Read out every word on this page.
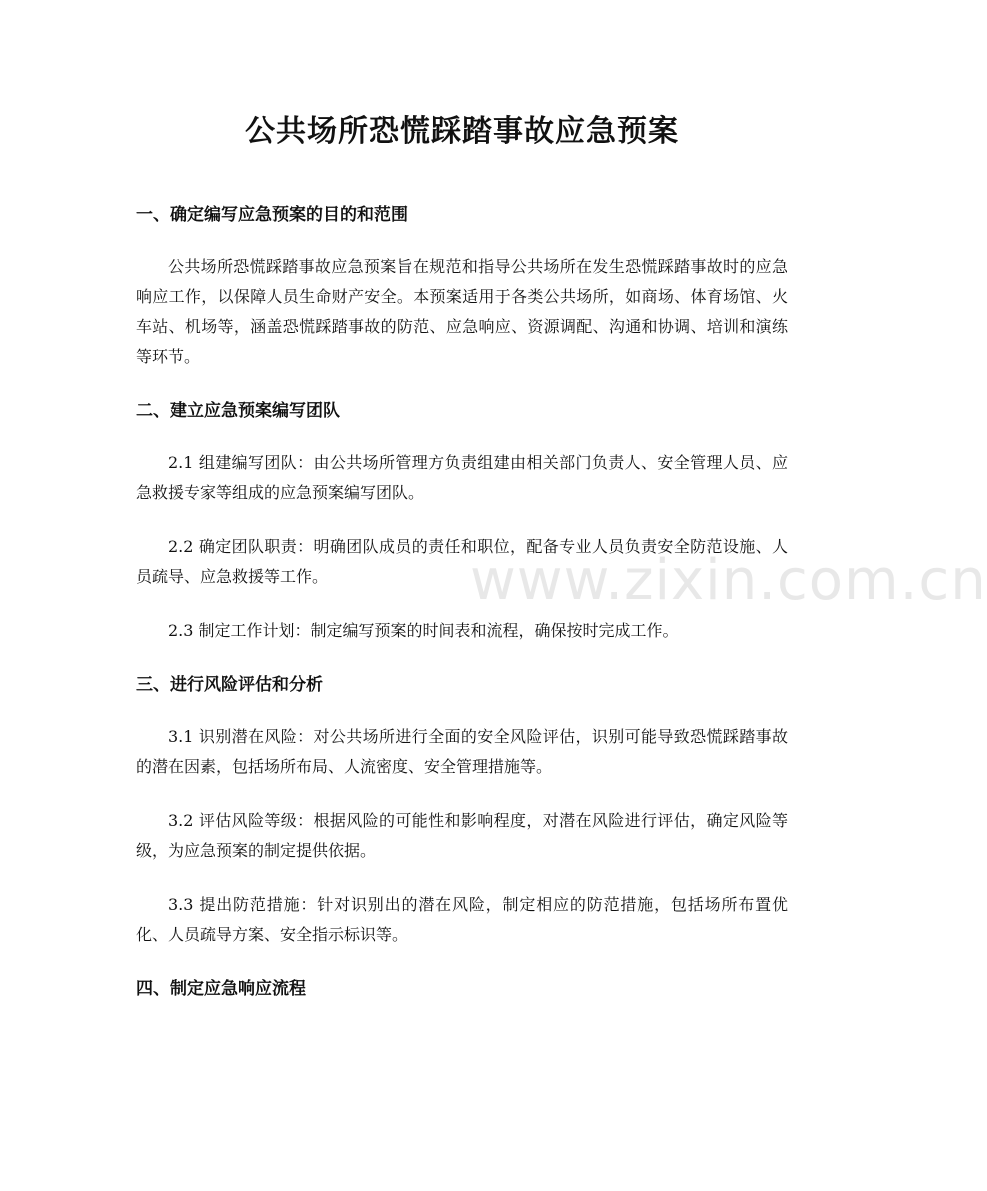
公共场所恐慌踩踏事故应急预案
一、确定编写应急预案的目的和范围

公共场所恐慌踩踏事故应急预案旨在规范和指导公共场所在发生恐慌踩踏事故时的应急响应工作，以保障人员生命财产安全。本预案适用于各类公共场所，如商场、体育场馆、火车站、机场等，涵盖恐慌踩踏事故的防范、应急响应、资源调配、沟通和协调、培训和演练等环节。

二、建立应急预案编写团队

2.1 组建编写团队：由公共场所管理方负责组建由相关部门负责人、安全管理人员、应急救援专家等组成的应急预案编写团队。

2.2 确定团队职责：明确团队成员的责任和职位，配备专业人员负责安全防范设施、人员疏导、应急救援等工作。

2.3 制定工作计划：制定编写预案的时间表和流程，确保按时完成工作。

三、进行风险评估和分析

3.1 识别潜在风险：对公共场所进行全面的安全风险评估，识别可能导致恐慌踩踏事故的潜在因素，包括场所布局、人流密度、安全管理措施等。

3.2 评估风险等级：根据风险的可能性和影响程度，对潜在风险进行评估，确定风险等级，为应急预案的制定提供依据。

3.3 提出防范措施：针对识别出的潜在风险，制定相应的防范措施，包括场所布置优化、人员疏导方案、安全指示标识等。

四、制定应急响应流程
www.zixin.com.cn
